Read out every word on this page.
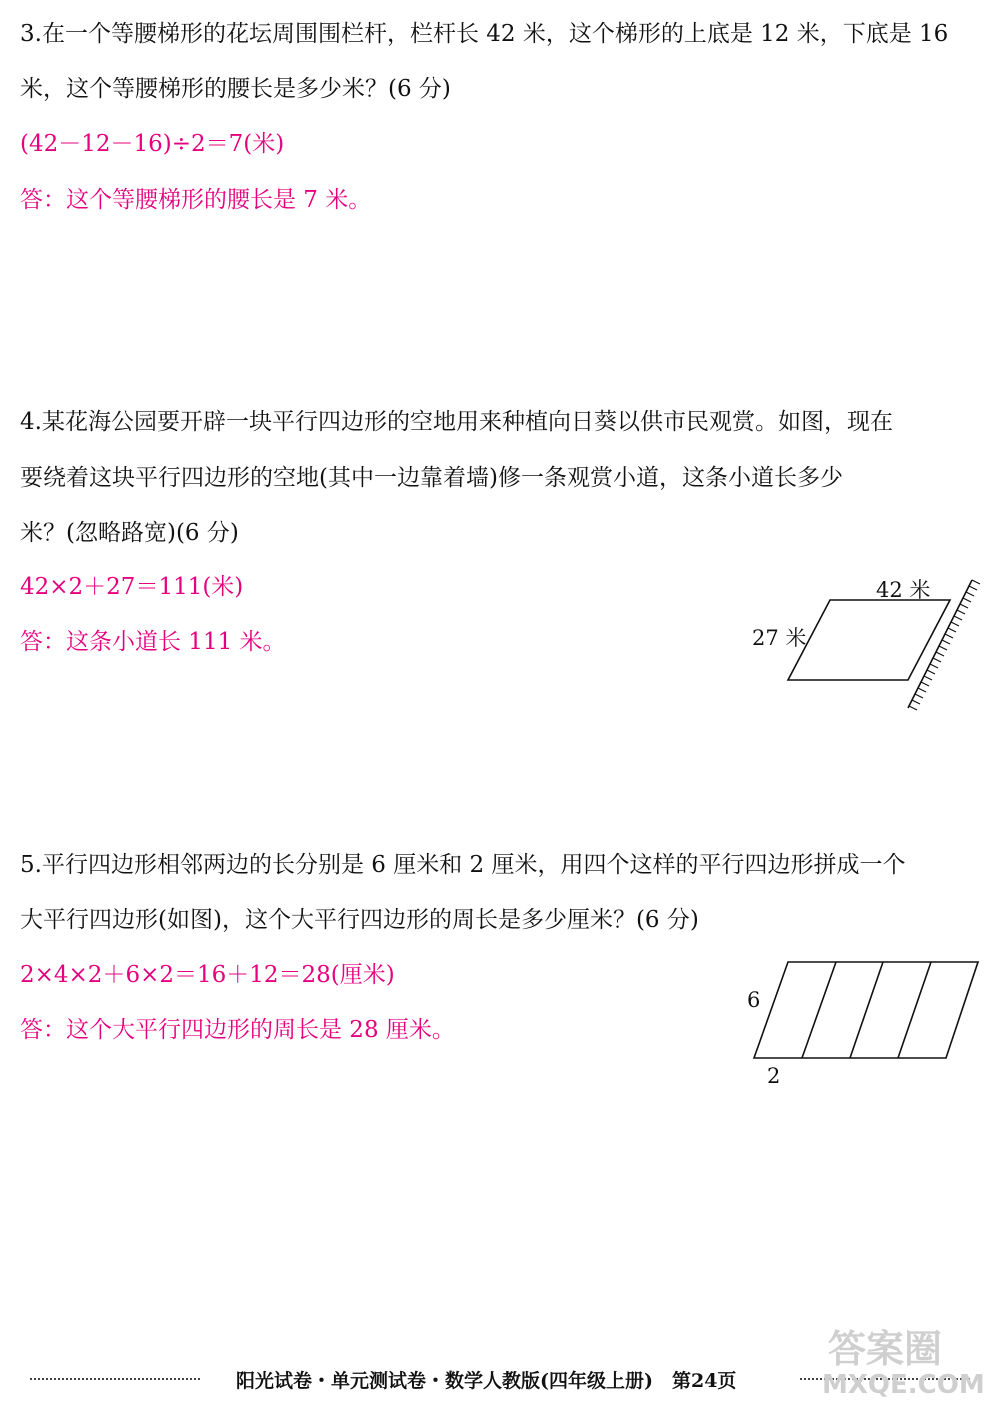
3.在一个等腰梯形的花坛周围围栏杆，栏杆长 42 米，这个梯形的上底是 12 米，下底是 16
米，这个等腰梯形的腰长是多少米？(6 分)
(42－12－16)÷2＝7(米)
答：这个等腰梯形的腰长是 7 米。
4.某花海公园要开辟一块平行四边形的空地用来种植向日葵以供市民观赏。如图，现在
要绕着这块平行四边形的空地(其中一边靠着墙)修一条观赏小道，这条小道长多少
米？(忽略路宽)(6 分)
42×2＋27＝111(米)
答：这条小道长 111 米。
42 米
27 米
5.平行四边形相邻两边的长分别是 6 厘米和 2 厘米，用四个这样的平行四边形拼成一个
大平行四边形(如图)，这个大平行四边形的周长是多少厘米？(6 分)
2×4×2＋6×2＝16＋12＝28(厘米)
答：这个大平行四边形的周长是 28 厘米。
6
2
阳光试卷・单元测试卷・数学人教版(四年级上册)　第24页
答案圈
MXQE.COM
